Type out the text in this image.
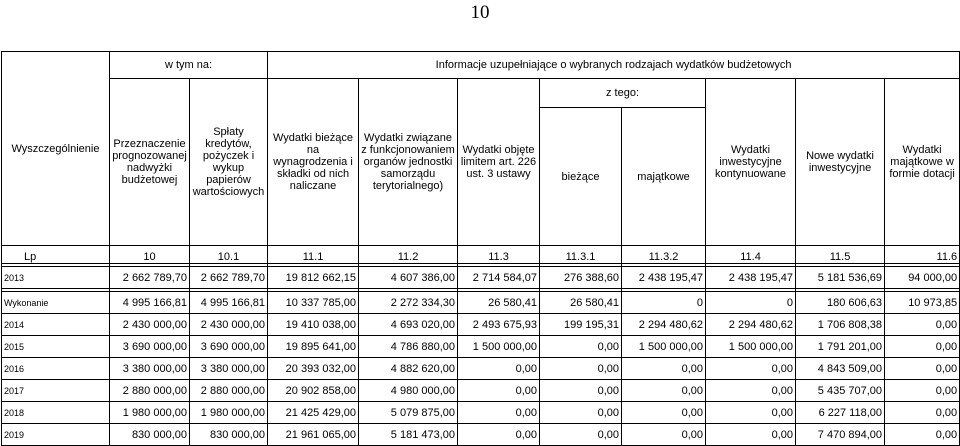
10
Wyszczególnienie	w tym na:		Informacje uzupełniające o wybranych rodzajach wydatków budżetowych							
	Przeznaczenie prognozowanej nadwyżki budżetowej	Spłaty kredytów, pożyczek i wykup papierów wartościowych	Wydatki bieżące na wynagrodzenia i składki od nich naliczane	Wydatki związane z funkcjonowaniem organów jednostki samorządu terytorialnego)	Wydatki objęte limitem art. 226 ust. 3 ustawy	z tego:		Wydatki inwestycyjne kontynuowane	Nowe wydatki inwestycyjne	Wydatki majątkowe w formie dotacji
						bieżące	majątkowe			
Lp	10	10.1	11.1	11.2	11.3	11.3.1	11.3.2	11.4	11.5	11.6

2013	2 662 789,70	2 662 789,70	19 812 662,15	4 607 386,00	2 714 584,07	276 388,60	2 438 195,47	2 438 195,47	5 181 536,69	94 000,00

Wykonanie	4 995 166,81	4 995 166,81	10 337 785,00	2 272 334,30	26 580,41	26 580,41	0	0	180 606,63	10 973,85
2014	2 430 000,00	2 430 000,00	19 410 038,00	4 693 020,00	2 493 675,93	199 195,31	2 294 480,62	2 294 480,62	1 706 808,38	0,00
2015	3 690 000,00	3 690 000,00	19 895 641,00	4 786 880,00	1 500 000,00	0,00	1 500 000,00	1 500 000,00	1 791 201,00	0,00
2016	3 380 000,00	3 380 000,00	20 393 032,00	4 882 620,00	0,00	0,00	0,00	0,00	4 843 509,00	0,00
2017	2 880 000,00	2 880 000,00	20 902 858,00	4 980 000,00	0,00	0,00	0,00	0,00	5 435 707,00	0,00
2018	1 980 000,00	1 980 000,00	21 425 429,00	5 079 875,00	0,00	0,00	0,00	0,00	6 227 118,00	0,00
2019	830 000,00	830 000,00	21 961 065,00	5 181 473,00	0,00	0,00	0,00	0,00	7 470 894,00	0,00
